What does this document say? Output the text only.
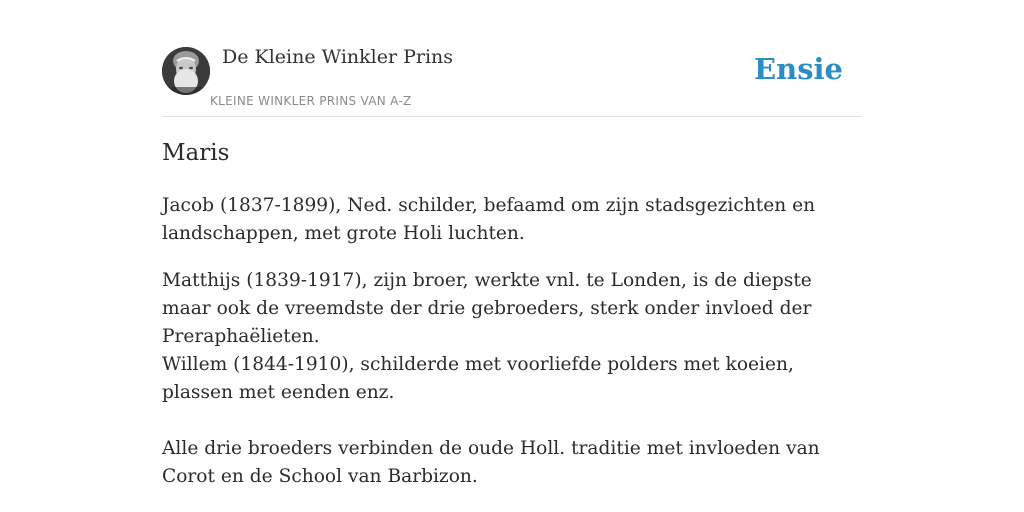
De Kleine Winkler Prins
KLEINE WINKLER PRINS VAN A-Z
Ensie
Maris

Jacob (1837-1899), Ned. schilder, befaamd om zijn stadsgezichten en landschappen, met grote Holi luchten.

Matthijs (1839-1917), zijn broer, werkte vnl. te Londen, is de diepste maar ook de vreemdste der drie gebroeders, sterk onder invloed der Preraphaëlieten.

Willem (1844-1910), schilderde met voorliefde polders met koeien, plassen met eenden enz.

Alle drie broeders verbinden de oude Holl. traditie met invloeden van Corot en de School van Barbizon.
